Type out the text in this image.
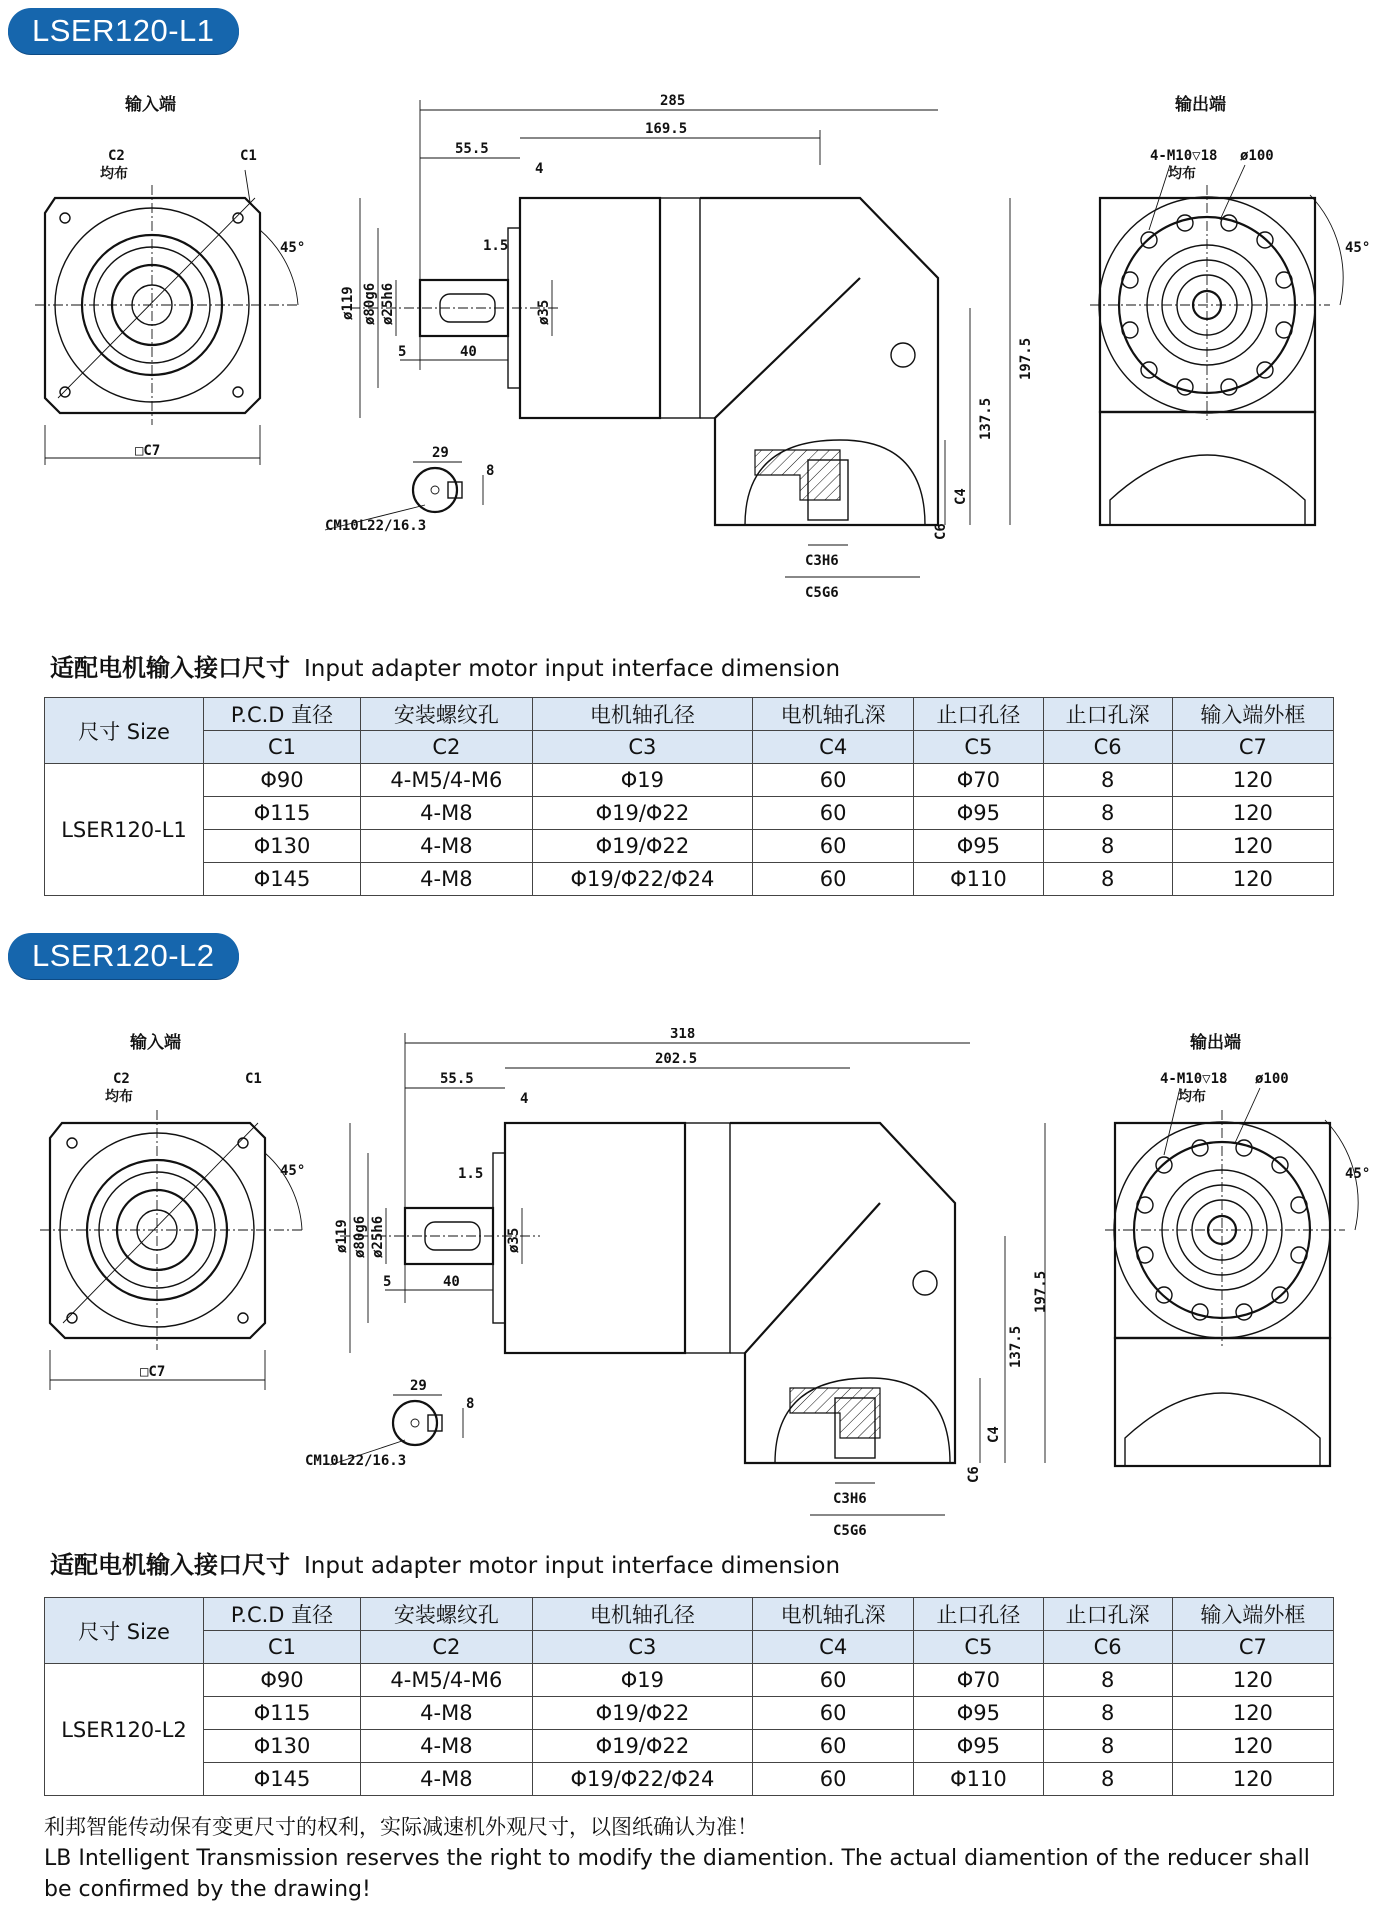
LSER120-L1
输入端
45°
C2
均布
C1
□C7
285
169.5
55.5
4
1.5
ø119 ø80g6 ø25h6	ø35
5	40	197.5
137.5
C4
C6
C3H6
C5G6
29
8
CM10L22/16.3
输出端
45°
4-M10▽18
均布
ø100
适配电机输入接口尺寸 Input adapter motor input interface dimension
尺寸 Size	P.C.D 直径	安装螺纹孔	电机轴孔径	电机轴孔深	止口孔径	止口孔深	输入端外框
	C1	C2	C3	C4	C5	C6	C7
LSER120-L1	Φ90	4-M5/4-M6	Φ19	60	Φ70	8	120
	Φ115	4-M8	Φ19/Φ22	60	Φ95	8	120
	Φ130	4-M8	Φ19/Φ22	60	Φ95	8	120
	Φ145	4-M8	Φ19/Φ22/Φ24	60	Φ110	8	120
LSER120-L2
输入端
45°
C2
均布
C1
□C7
318
202.5
55.5
4
1.5
ø119 ø80g6 ø25h6	ø35
5	40	197.5
137.5
C4
C6
C3H6
C5G6
29
8
CM10L22/16.3
输出端
45°
4-M10▽18
均布
ø100
适配电机输入接口尺寸 Input adapter motor input interface dimension
尺寸 Size	P.C.D 直径	安装螺纹孔	电机轴孔径	电机轴孔深	止口孔径	止口孔深	输入端外框
	C1	C2	C3	C4	C5	C6	C7
LSER120-L2	Φ90	4-M5/4-M6	Φ19	60	Φ70	8	120
	Φ115	4-M8	Φ19/Φ22	60	Φ95	8	120
	Φ130	4-M8	Φ19/Φ22	60	Φ95	8	120
	Φ145	4-M8	Φ19/Φ22/Φ24	60	Φ110	8	120
利邦智能传动保有变更尺寸的权利，实际减速机外观尺寸，以图纸确认为准！
LB Intelligent Transmission reserves the right to modify the diamention. The actual diamention of the reducer shall be confirmed by the drawing!
